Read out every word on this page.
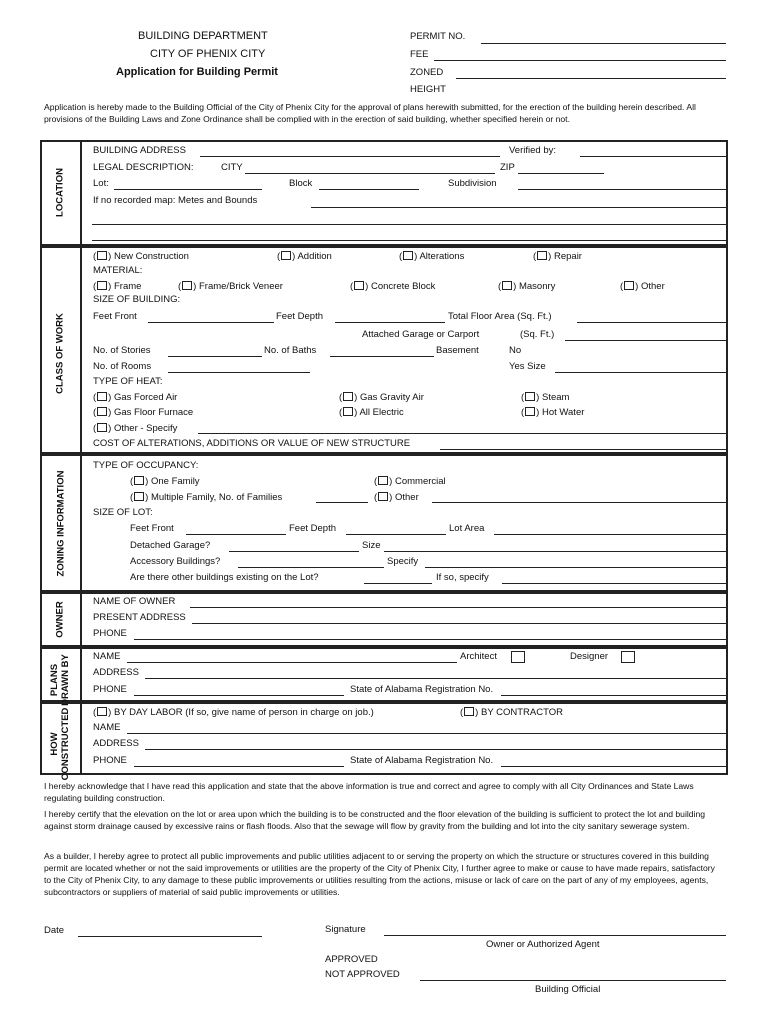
BUILDING DEPARTMENT
CITY OF PHENIX CITY
Application for Building Permit
PERMIT NO.
FEE
ZONED
HEIGHT
Application is hereby made to the Building Official of the City of Phenix City for the approval of plans herewith submitted, for the erection of the building herein described. All provisions of the Building Laws and Zone Ordinance shall be complied with in the erection of said building, whether specified herein or not.
LOCATION
BUILDING ADDRESS	Verified by:
LEGAL DESCRIPTION:	CITY	ZIP
Lot:	Block	Subdivision
If no recorded map: Metes and Bounds
CLASS OF WORK
( ) New Construction	( ) Addition	( ) Alterations	( ) Repair
MATERIAL:
( ) Frame	( ) Frame/Brick Veneer	( ) Concrete Block	( ) Masonry	( ) Other
SIZE OF BUILDING:
Feet Front	Feet Depth	Total Floor Area (Sq. Ft.)
Attached Garage or Carport	(Sq. Ft.)
No. of Stories	No. of Baths	Basement	No
No. of Rooms	Yes Size
TYPE OF HEAT:
( ) Gas Forced Air	( ) Gas Gravity Air	( ) Steam
( ) Gas Floor Furnace	( ) All Electric	( ) Hot Water
( ) Other - Specify
COST OF ALTERATIONS, ADDITIONS OR VALUE OF NEW STRUCTURE
ZONING INFORMATION
TYPE OF OCCUPANCY:
( ) One Family	( ) Commercial
( ) Multiple Family, No. of Families	( ) Other
SIZE OF LOT:
Feet Front	Feet Depth	Lot Area
Detached Garage?	Size
Accessory Buildings?	Specify
Are there other buildings existing on the Lot?	If so, specify
OWNER	NAME OF OWNER
PRESENT ADDRESS
PHONE
PLANS
DRAWN BY NAME	Architect	Designer
ADDRESS
PHONE	State of Alabama Registration No.
HOW
CONSTRUCTED ( ) BY DAY LABOR (If so, give name of person in charge on job.)	( ) BY CONTRACTOR
NAME
ADDRESS
PHONE	State of Alabama Registration No.
I hereby acknowledge that I have read this application and state that the above information is true and correct and agree to comply with all City Ordinances and State Laws regulating building construction.
I hereby certify that the elevation on the lot or area upon which the building is to be constructed and the floor elevation of the building is sufficient to protect the lot and building against storm drainage caused by excessive rains or flash floods. Also that the sewage will flow by gravity from the building and lot into the city sanitary sewerage system.
As a builder, I hereby agree to protect all public improvements and public utilities adjacent to or serving the property on which the structure or structures covered in this building permit are located whether or not the said improvements or utilities are the property of the City of Phenix City, I further agree to make or cause to have made repairs, satisfactory to the City of Phenix City, to any damage to these public improvements or utilities resulting from the actions, misuse or lack of care on the part of any of my employees, agents, subcontractors or suppliers of material of said public improvements or utilities.
Date	Signature
Owner or Authorized Agent
APPROVED
NOT APPROVED
Building Official
